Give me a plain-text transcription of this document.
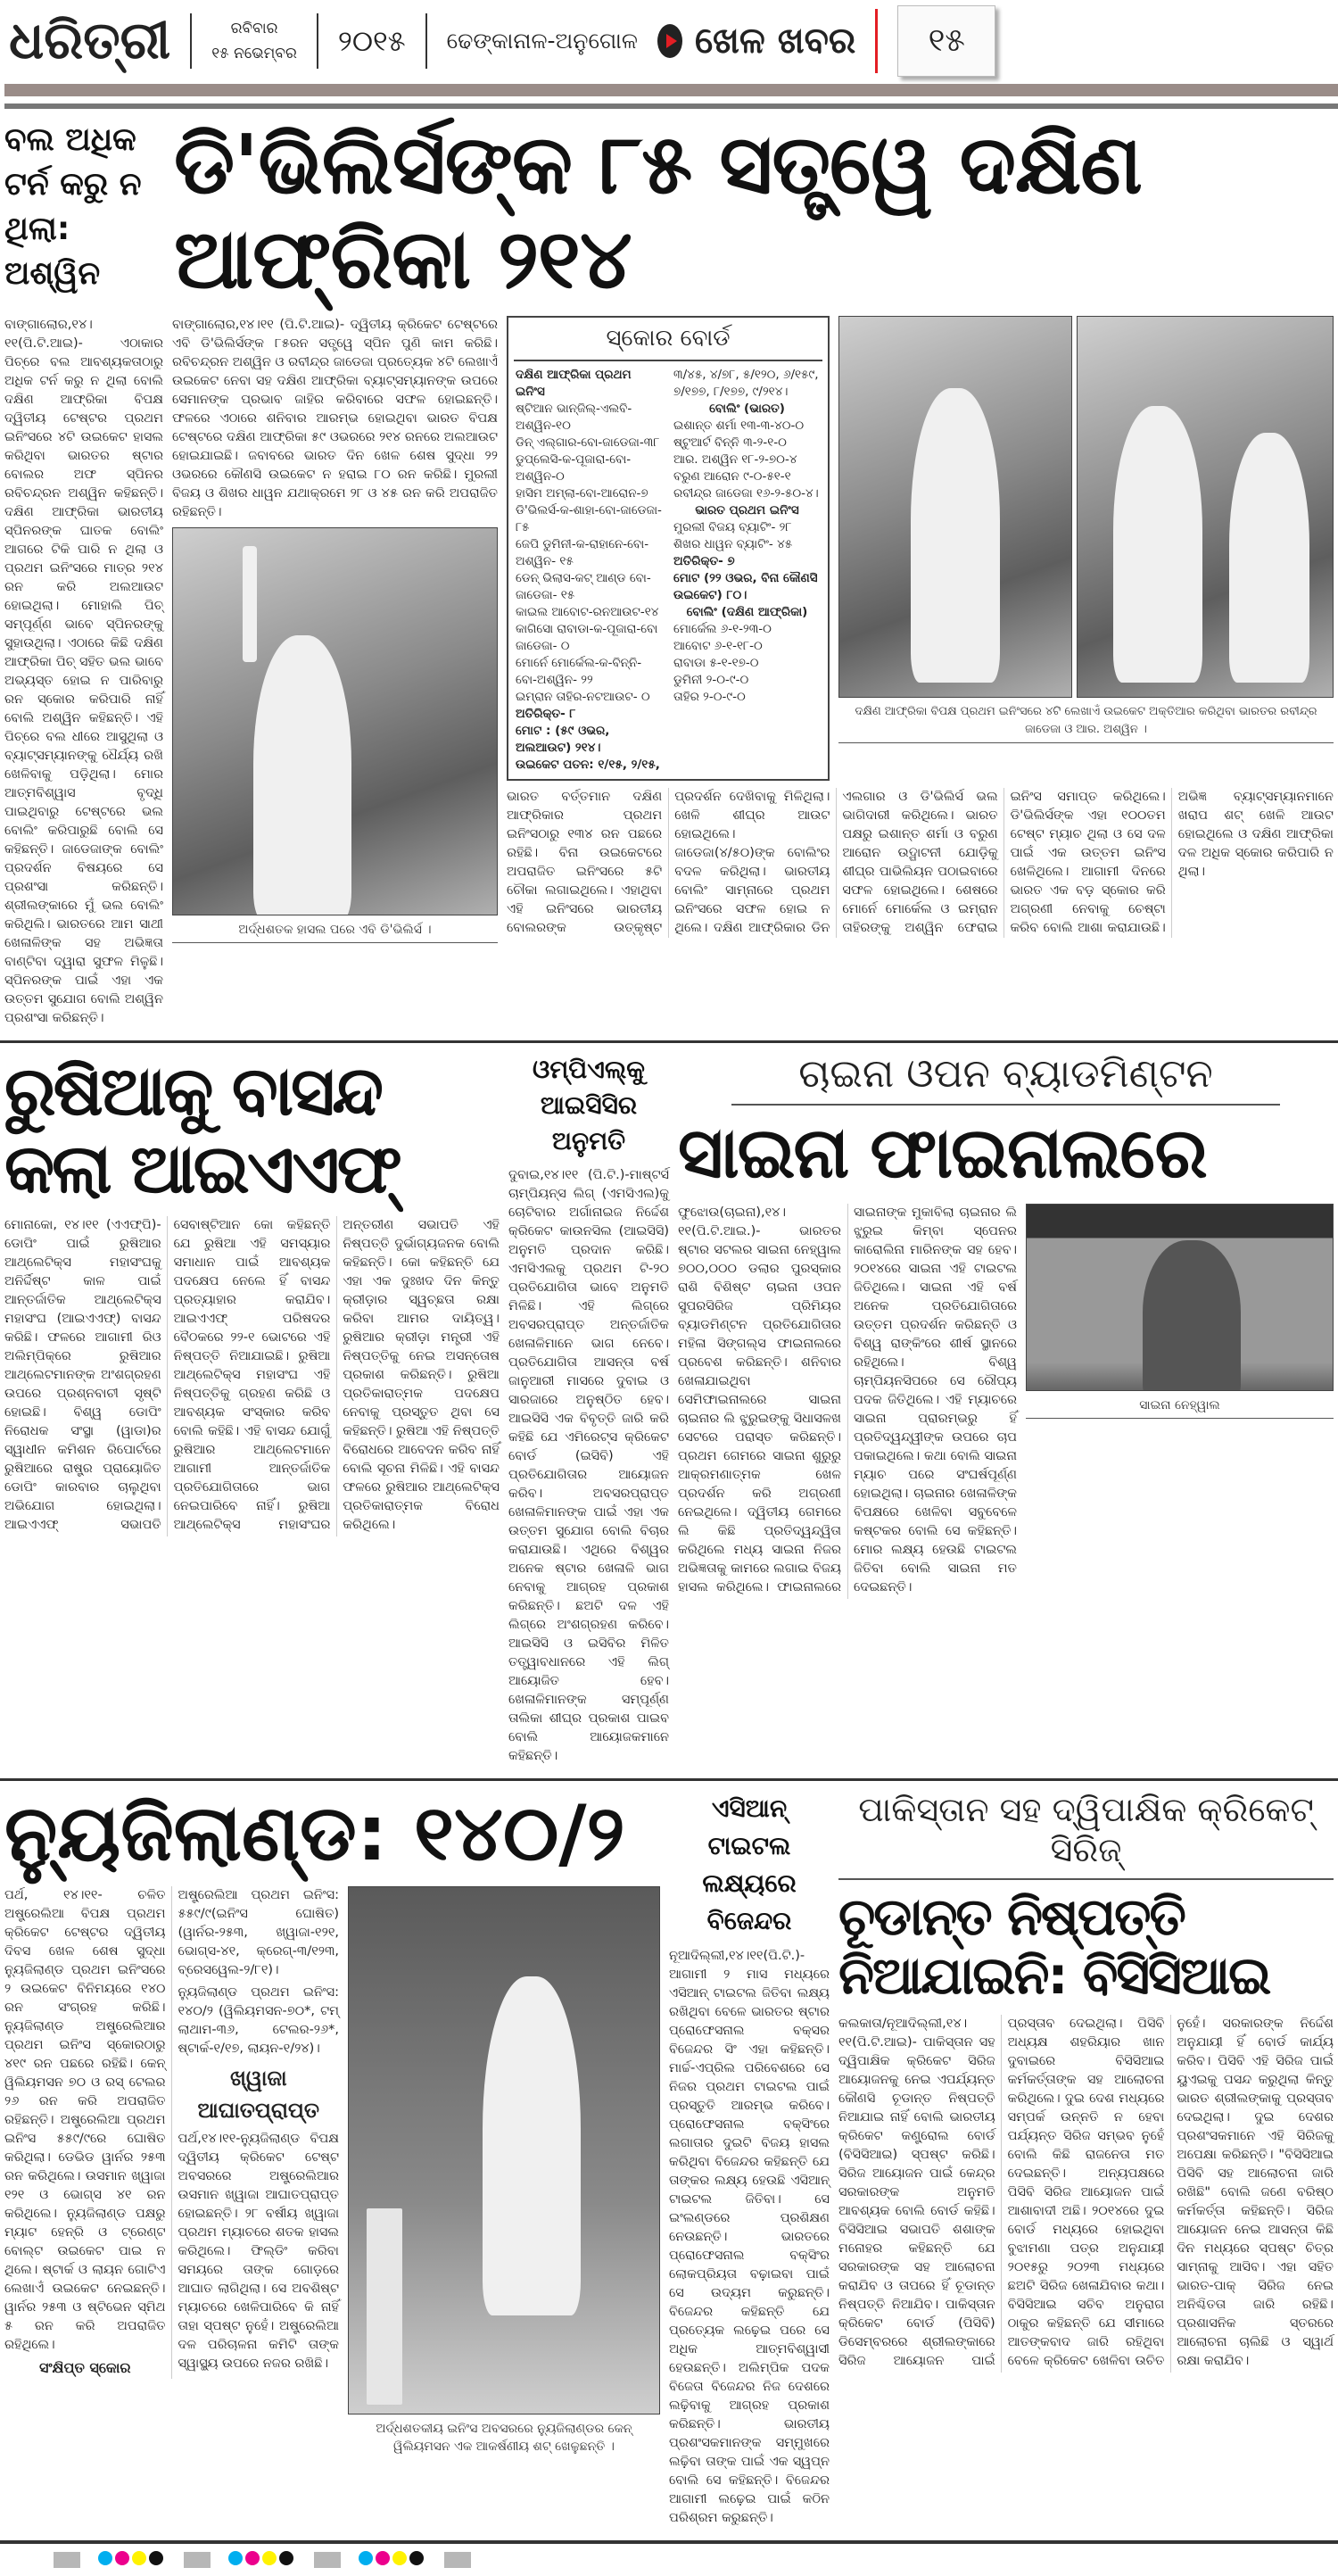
ଧରିତ୍ରୀ	ରବିବାର
୧୫ ନଭେମ୍ବର ୨୦୧୫ ଢେଙ୍କାନାଳ-ଅନୁଗୋଳ ଖେଳ ଖବର	୧୫
ବଲ ଅଧିକ ଟର୍ନ କରୁ ନ ଥିଲା: ଅଶ୍ୱିନ
ଡି'ଭିଲିର୍ସଙ୍କ ୮୫ ସତ୍ତ୍ୱେ ଦକ୍ଷିଣ ଆଫ୍ରିକା ୨୧୪

ବାଙ୍ଗାଲୋର,୧୪।୧୧(ପି.ଟି.ଆଇ)- ଏଠାକାର ପିଚ୍‌ରେ ବଲ ଆବଶ୍ୟକତାଠାରୁ ଅଧିକ ଟର୍ନ କରୁ ନ ଥିଲା ବୋଲି ଦକ୍ଷିଣ ଆଫ୍ରିକା ବିପକ୍ଷ ଦ୍ୱିତୀୟ ଟେଷ୍ଟର ପ୍ରଥମ ଇନିଂସରେ ୪ଟି ଉଇକେଟ ହାସଲ କରିଥିବା ଭାରତର ଷ୍ଟାର ବୋଲର ଅଫ ସ୍ପିନର ରବିଚନ୍ଦ୍ରନ ଅଶ୍ୱିନ କହିଛନ୍ତି। ଦକ୍ଷିଣ ଆଫ୍ରିକା ଭାରତୀୟ ସ୍ପିନରଙ୍କ ଘାତକ ବୋଲିଂ ଆଗରେ ଟିକି ପାରି ନ ଥିଲା ଓ ପ୍ରଥମ ଇନିଂସରେ ମାତ୍ର ୨୧୪ ରନ କରି ଅଲଆଉଟ ହୋଇଥିଲା। ମୋହାଲି ପିଚ୍ ସମ୍ପୂର୍ଣ୍ଣ ଭାବେ ସ୍ପିନରଙ୍କୁ ସୁହାଉଥିଲା। ଏଠାରେ କିଛି ଦକ୍ଷିଣ ଆଫ୍ରିକା ପିଚ୍ ସହିତ ଭଲ ଭାବେ ଅଭ୍ୟସ୍ତ ହୋଇ ନ ପାରିବାରୁ ରନ ସ୍କୋର କରିପାରି ନାହିଁ ବୋଲି ଅଶ୍ୱିନ କହିଛନ୍ତି। ଏହି ପିଚ୍‌ରେ ବଲ ଧୀରେ ଆସୁଥିଲା ଓ ବ୍ୟାଟ୍ସମ୍ୟାନଙ୍କୁ ଧୈର୍ଯ୍ୟ ରଖି ଖେଳିବାକୁ ପଡ଼ିଥିଲା। ମୋର ଆତ୍ମବିଶ୍ୱାସ ବୃଦ୍ଧି ପାଇଥିବାରୁ ଟେଷ୍ଟରେ ଭଲ ବୋଲିଂ କରିପାରୁଛି ବୋଲି ସେ କହିଛନ୍ତି। ଜାଡେଜାଙ୍କ ବୋଲିଂ ପ୍ରଦର୍ଶନ ବିଷୟରେ ସେ ପ୍ରଶଂସା କରିଛନ୍ତି। ଶ୍ରୀଲଙ୍କାରେ ମୁଁ ଭଲ ବୋଲିଂ କରିଥିଲି। ଭାରତରେ ଆମ ସାଥୀ ଖେଳାଳିଙ୍କ ସହ ଅଭିଜ୍ଞତା ବାଣ୍ଟିବା ଦ୍ୱାରା ସୁଫଳ ମିଳୁଛି। ସ୍ପିନରଙ୍କ ପାଇଁ ଏହା ଏକ ଉତ୍ତମ ସୁଯୋଗ ବୋଲି ଅଶ୍ୱିନ ପ୍ରଶଂସା କରିଛନ୍ତି।

ବାଙ୍ଗାଲୋର,୧୪।୧୧ (ପି.ଟି.ଆଇ)- ଦ୍ୱିତୀୟ କ୍ରିକେଟ ଟେଷ୍ଟରେ ଏବି ଡି'ଭିଲିର୍ସଙ୍କ ୮୫ରନ ସତ୍ତ୍ୱେ ସ୍ପିନ ପୁଣି କାମ କରିଛି। ରବିଚନ୍ଦ୍ରନ ଅଶ୍ୱିନ ଓ ରବୀନ୍ଦ୍ର ଜାଡେଜା ପ୍ରତ୍ୟେକ ୪ଟି ଲେଖାଏଁ ଉଇକେଟ ନେବା ସହ ଦକ୍ଷିଣ ଆଫ୍ରିକା ବ୍ୟାଟ୍ସମ୍ୟାନଙ୍କ ଉପରେ ସେମାନଙ୍କ ପ୍ରଭାବ ଜାହିର କରିବାରେ ସଫଳ ହୋଇଛନ୍ତି। ଫଳରେ ଏଠାରେ ଶନିବାର ଆରମ୍ଭ ହୋଇଥିବା ଭାରତ ବିପକ୍ଷ ଟେଷ୍ଟରେ ଦକ୍ଷିଣ ଆଫ୍ରିକା ୫୯ ଓଭରରେ ୨୧୪ ରନରେ ଅଲଆଉଟ ହୋଇଯାଇଛି। ଜବାବରେ ଭାରତ ଦିନ ଖେଳ ଶେଷ ସୁଦ୍ଧା ୨୨ ଓଭରରେ କୌଣସି ଉଇକେଟ ନ ହରାଇ ୮୦ ରନ କରିଛି। ମୁରଲୀ ବିଜୟ ଓ ଶିଖର ଧାୱନ ଯଥାକ୍ରମେ ୨୮ ଓ ୪୫ ରନ କରି ଅପରାଜିତ ରହିଛନ୍ତି।

ଅର୍ଦ୍ଧଶତକ ହାସଲ ପରେ ଏବି ଡି'ଭିଲିର୍ସ ।
ସ୍କୋର ବୋର୍ଡ
ଦକ୍ଷିଣ ଆଫ୍ରିକା ପ୍ରଥମ ଇନିଂସ
ଷ୍ଟିଆନ ଭାନ୍‌ଜିଲ୍-ଏଲବି-ଅଶ୍ୱିନ-୧୦
ଡିନ୍ ଏଲ୍‌ଗାର-ବୋ-ଜାଡେଜା-୩୮
ଡୁପ୍ଲେସି-କ-ପୂଜାରା-ବୋ-ଅଶ୍ୱିନ-୦
ହାସିମ ଅମ୍‌ଲା-ବୋ-ଆରୋନ-୭
ଡି'ଭିଲର୍ସ-କ-ଶାହା-ବୋ-ଜାଡେଜା- ୮୫
ଜେପି ଡୁମିନୀ-କ-ରାହାନେ-ବୋ-ଅଶ୍ୱିନ- ୧୫
ଡେନ୍ ଭିଲାସ-କଟ୍ ଆଣ୍ଡ ବୋ-ଜାଡେଜା- ୧୫
କାଇଲ ଆବୋଟ-ରନଆଉଟ-୧୪
କାଗିସୋ ରାବାଡା-କ-ପୂଜାରା-ବୋ ଜାଡେଜା- ୦
ମୋର୍ନେ ମୋର୍କେଲ-କ-ବିନ୍ନି-ବୋ-ଅଶ୍ୱିନ- ୨୨
ଇମ୍ରାନ ତାହିର-ନଟଆଉଟ- ୦
ଅତିରିକ୍ତ- ୮
ମୋଟ : (୫୯ ଓଭର, ଅଲଆଉଟ) ୨୧୪।
ଉଇକେଟ ପତନ: ୧/୧୫, ୨/୧୫,
୩/୪୫, ୪/୭୮, ୫/୧୨୦, ୬/୧୫୯, ୭/୧୭୭, ୮/୧୭୭, ୯/୨୧୪।
ବୋଲିଂ (ଭାରତ)
ଇଶାନ୍ତ ଶର୍ମା ୧୩-୩-୪୦-୦
ଷ୍ଟୁଆର୍ଟ ବିନ୍ନି ୩-୨-୧-୦
ଆର. ଅଶ୍ୱିନ ୧୮-୨-୭୦-୪
ବରୁଣ ଆରୋନ ୯-୦-୫୧-୧
ରବୀନ୍ଦ୍ର ଜାଡେଜା ୧୬-୨-୫୦-୪।
ଭାରତ ପ୍ରଥମ ଇନିଂସ
ମୁରଲୀ ବିଜୟ ବ୍ୟାଟିଂ- ୨୮
ଶିଖର ଧାୱନ ବ୍ୟାଟିଂ- ୪୫
ଅତିରିକ୍ତ- ୭
ମୋଟ (୨୨ ଓଭର, ବିନା କୌଣସି ଉଇକେଟ) ୮୦।
ବୋଲିଂ (ଦକ୍ଷିଣ ଆଫ୍ରିକା)
ମୋର୍କେଲ ୬-୧-୨୩-୦
ଆବୋଟ ୬-୧-୧୮-୦
ରାବାଡା ୫-୧-୧୭-୦
ଡୁମିନୀ ୨-୦-୯-୦
ତାହିର ୨-୦-୯-୦
ଦକ୍ଷିଣ ଆଫ୍ରିକା ବିପକ୍ଷ ପ୍ରଥମ ଇନିଂସରେ ୪ଟି ଲେଖାଏଁ ଉଇକେଟ ଅକ୍ତିଆର କରିଥିବା ଭାରତର ରବୀନ୍ଦ୍ର ଜାଡେଜା ଓ ଆର. ଅଶ୍ୱିନ ।

ଭାରତ ବର୍ତ୍ତମାନ ଦକ୍ଷିଣ ଆଫ୍ରିକାର ପ୍ରଥମ ଇନିଂସଠାରୁ ୧୩୪ ରନ ପଛରେ ରହିଛି। ବିନା ଉଇକେଟରେ ଅପରାଜିତ ଇନିଂସରେ ୫ଟି ଚୌକା ଲଗାଇଥିଲେ। ଏହାଥିବା ଏହି ଇନିଂସରେ ଭାରତୀୟ ବୋଲରଙ୍କ ଉତ୍କୃଷ୍ଟ ପ୍ରଦର୍ଶନ ଦେଖିବାକୁ ମିଳିଥିଲା। ଖେଳି ଶୀଘ୍ର ଆଉଟ ହୋଇଥିଲେ। ଜାଡେଜା(୪/୫୦)ଙ୍କ ବୋଲିଂର ବଦଳ କରିଥିଲା। ଭାରତୀୟ ବୋଲିଂ ସାମ୍ନାରେ ପ୍ରଥମ ଇନିଂସରେ ସଫଳ ହୋଇ ନ ଥିଲେ। ଦକ୍ଷିଣ ଆଫ୍ରିକାର ଡିନ ଏଲଗାର ଓ ଡି'ଭିଲିର୍ସ ଭଲ ଭାଗିଦାରୀ କରିଥିଲେ। ଭାରତ ପକ୍ଷରୁ ଇଶାନ୍ତ ଶର୍ମା ଓ ବରୁଣ ଆରୋନ ଉଦ୍ଘାଟନୀ ଯୋଡ଼ିକୁ ଶୀଘ୍ର ପାଭିଲିୟନ ପଠାଇବାରେ ସଫଳ ହୋଇଥିଲେ। ଶେଷରେ ମୋର୍ନେ ମୋର୍କେଲ ଓ ଇମ୍ରାନ ତାହିରଙ୍କୁ ଅଶ୍ୱିନ ଫେରାଇ ଇନିଂସ ସମାପ୍ତ କରିଥିଲେ। ଡି'ଭିଲିର୍ସଙ୍କ ଏହା ୧୦୦ତମ ଟେଷ୍ଟ ମ୍ୟାଚ ଥିଲା ଓ ସେ ଦଳ ପାଇଁ ଏକ ଉତ୍ତମ ଇନିଂସ ଖେଳିଥିଲେ। ଆଗାମୀ ଦିନରେ ଭାରତ ଏକ ବଡ଼ ସ୍କୋର କରି ଅଗ୍ରଣୀ ନେବାକୁ ଚେଷ୍ଟା କରିବ ବୋଲି ଆଶା କରାଯାଉଛି। ଅଭିଜ୍ଞ ବ୍ୟାଟ୍ସମ୍ୟାନମାନେ ଖରାପ ଶଟ୍ ଖେଳି ଆଉଟ ହୋଇଥିଲେ ଓ ଦକ୍ଷିଣ ଆଫ୍ରିକା ଦଳ ଅଧିକ ସ୍କୋର କରିପାରି ନ ଥିଲା।

ରୁଷିଆକୁ ବାସନ୍ଦ କଲା ଆଇଏଏଫ୍

ମୋନାକୋ, ୧୪।୧୧ (ଏଏଫ୍‌ପି)- ଡୋପିଂ ପାଇଁ ରୁଷିଆର ଆଥ୍‌ଲେଟିକ୍ସ ମହାସଂଘକୁ ଅନିର୍ଦ୍ଦିଷ୍ଟ କାଳ ପାଇଁ ଆନ୍ତର୍ଜାତିକ ଆଥ୍‌ଲେଟିକ୍ସ ମହାସଂଘ (ଆଇଏଏଫ୍) ବାସନ୍ଦ କରିଛି। ଫଳରେ ଆଗାମୀ ରିଓ ଅଲିମ୍ପିକ୍‌ରେ ରୁଷିଆର ଆଥ୍‌ଲେଟମାନଙ୍କ ଅଂଶଗ୍ରହଣ ଉପରେ ପ୍ରଶ୍ନବାଚୀ ସୃଷ୍ଟି ହୋଇଛି। ବିଶ୍ୱ ଡୋପିଂ ନିରୋଧକ ସଂସ୍ଥା (ୱାଡା)ର ସ୍ୱାଧୀନ କମିଶନ ରିପୋର୍ଟରେ ରୁଷିଆରେ ରାଷ୍ଟ୍ର ପ୍ରାୟୋଜିତ ଡୋପିଂ କାରବାର ଚାଲୁଥିବା ଅଭିଯୋଗ ହୋଇଥିଲା। ଆଇଏଏଫ୍ ସଭାପତି ସେବାଷ୍ଟିଆନ କୋ କହିଛନ୍ତି ଯେ ରୁଷିଆ ଏହି ସମସ୍ୟାର ସମାଧାନ ପାଇଁ ଆବଶ୍ୟକ ପଦକ୍ଷେପ ନେଲେ ହିଁ ବାସନ୍ଦ ପ୍ରତ୍ୟାହାର କରାଯିବ। ଆଇଏଏଫ୍ ପରିଷଦର ବୈଠକରେ ୨୨-୧ ଭୋଟରେ ଏହି ନିଷ୍ପତ୍ତି ନିଆଯାଇଛି। ରୁଷିଆ ଆଥ୍‌ଲେଟିକ୍ସ ମହାସଂଘ ଏହି ନିଷ୍ପତ୍ତିକୁ ଗ୍ରହଣ କରିଛି ଓ ଆବଶ୍ୟକ ସଂସ୍କାର କରିବ ବୋଲି କହିଛି। ଏହି ବାସନ୍ଦ ଯୋଗୁଁ ରୁଷିଆର ଆଥ୍‌ଲେଟମାନେ ଆଗାମୀ ଆନ୍ତର୍ଜାତିକ ପ୍ରତିଯୋଗିତାରେ ଭାଗ ନେଇପାରିବେ ନାହିଁ। ରୁଷିଆ ଆଥ୍‌ଲେଟିକ୍ସ ମହାସଂଘର ଅନ୍ତରୀଣ ସଭାପତି ଏହି ନିଷ୍ପତ୍ତି ଦୁର୍ଭାଗ୍ୟଜନକ ବୋଲି କହିଛନ୍ତି। କୋ କହିଛନ୍ତି ଯେ ଏହା ଏକ ଦୁଃଖଦ ଦିନ କିନ୍ତୁ କ୍ରୀଡ଼ାର ସ୍ୱଚ୍ଛତା ରକ୍ଷା କରିବା ଆମର ଦାୟିତ୍ୱ। ରୁଷିଆର କ୍ରୀଡ଼ା ମନ୍ତ୍ରୀ ଏହି ନିଷ୍ପତ୍ତିକୁ ନେଇ ଅସନ୍ତୋଷ ପ୍ରକାଶ କରିଛନ୍ତି। ରୁଷିଆ ପ୍ରତିକାରାତ୍ମକ ପଦକ୍ଷେପ ନେବାକୁ ପ୍ରସ୍ତୁତ ଥିବା ସେ କହିଛନ୍ତି। ରୁଷିଆ ଏହି ନିଷ୍ପତ୍ତି ବିରୋଧରେ ଆବେଦନ କରିବ ନାହିଁ ବୋଲି ସୂଚନା ମିଳିଛି। ଏହି ବାସନ୍ଦ ଫଳରେ ରୁଷିଆର ଆଥ୍‌ଲେଟିକ୍ସ ପ୍ରତିକାରାତ୍ମକ ବିରୋଧ କରିଥିଲେ।

ଓମ୍ପିଏଲ୍‌କୁ ଆଇସିସିର ଅନୁମତି

ଦୁବାଇ,୧୪।୧୧ (ପି.ଟି.)-ମାଷ୍ଟର୍ସ ଚାମ୍ପିୟନ୍ସ ଲିଗ୍ (ଏମସିଏଲ)କୁ ଚୋଟିବାର ଅର୍ଗାନାଇଜ ନିର୍ଦ୍ଦେଶ କ୍ରିକେଟ କାଉନସିଲ (ଆଇସିସି) ଅନୁମତି ପ୍ରଦାନ କରିଛି। ଏମସିଏଲକୁ ପ୍ରଥମ ଟି-୨୦ ପ୍ରତିଯୋଗିତା ଭାବେ ଅନୁମତି ମିଳିଛି। ଏହି ଲିଗ୍‌ରେ ଅବସରପ୍ରାପ୍ତ ଅନ୍ତର୍ଜାତିକ ଖେଳାଳିମାନେ ଭାଗ ନେବେ। ପ୍ରତିଯୋଗିତା ଆସନ୍ତା ବର୍ଷ ଜାନୁଆରୀ ମାସରେ ଦୁବାଇ ଓ ସାରଜାରେ ଅନୁଷ୍ଠିତ ହେବ। ଆଇସିସି ଏକ ବିବୃତ୍ତି ଜାରି କରି କହିଛି ଯେ ଏମିରେଟ୍ସ କ୍ରିକେଟ ବୋର୍ଡ (ଇସିବି) ଏହି ପ୍ରତିଯୋଗିତାର ଆୟୋଜନ କରିବ। ଅବସରପ୍ରାପ୍ତ ଖେଳାଳିମାନଙ୍କ ପାଇଁ ଏହା ଏକ ଉତ୍ତମ ସୁଯୋଗ ବୋଲି ବିଚାର କରାଯାଉଛି। ଏଥିରେ ବିଶ୍ୱର ଅନେକ ଷ୍ଟାର ଖେଳାଳି ଭାଗ ନେବାକୁ ଆଗ୍ରହ ପ୍ରକାଶ କରିଛନ୍ତି। ଛଅଟି ଦଳ ଏହି ଲିଗ୍‌ରେ ଅଂଶଗ୍ରହଣ କରିବେ। ଆଇସିସି ଓ ଇସିବିର ମିଳିତ ତତ୍ତ୍ୱାବଧାନରେ ଏହି ଲିଗ୍ ଆୟୋଜିତ ହେବ। ଖେଳାଳିମାନଙ୍କ ସମ୍ପୂର୍ଣ୍ଣ ତାଲିକା ଶୀଘ୍ର ପ୍ରକାଶ ପାଇବ ବୋଲି ଆୟୋଜକମାନେ କହିଛନ୍ତି।

ଚାଇନା ଓପନ ବ୍ୟାଡମିଣ୍ଟନ
ସାଇନା ଫାଇନାଲରେ

ଫୁଝୋଉ(ଚାଇନା),୧୪।୧୧(ପି.ଟି.ଆଇ.)- ଭାରତର ଷ୍ଟାର ସଟଲର ସାଇନା ନେହ୍ୱାଲ ୭୦୦,୦୦୦ ଡଲାର ପୁରସ୍କାର ରାଶି ବିଶିଷ୍ଟ ଚାଇନା ଓପନ ସୁପରସିରିଜ ପ୍ରିମିୟର ବ୍ୟାଡମିଣ୍ଟନ ପ୍ରତିଯୋଗିତାର ମହିଳା ସିଙ୍ଗଲ୍ସ ଫାଇନାଲରେ ପ୍ରବେଶ କରିଛନ୍ତି। ଶନିବାର ଖେଳାଯାଇଥିବା ସେମିଫାଇନାଲରେ ସାଇନା ଚାଇନାର ଲି ଝୁରୁଇଙ୍କୁ ସିଧାସଳଖ ସେଟରେ ପରାସ୍ତ କରିଛନ୍ତି। ପ୍ରଥମ ଗେମରେ ସାଇନା ଶୁରୁରୁ ଆକ୍ରମଣାତ୍ମକ ଖେଳ ପ୍ରଦର୍ଶନ କରି ଅଗ୍ରଣୀ ନେଇଥିଲେ। ଦ୍ୱିତୀୟ ଗେମରେ ଲି କିଛି ପ୍ରତିଦ୍ୱନ୍ଦ୍ୱିତା କରିଥିଲେ ମଧ୍ୟ ସାଇନା ନିଜର ଅଭିଜ୍ଞତାକୁ କାମରେ ଲଗାଇ ବିଜୟ ହାସଲ କରିଥିଲେ। ଫାଇନାଲରେ ସାଇନାଙ୍କ ମୁକାବିଲା ଚାଇନାର ଲି ଝୁରୁଇ କିମ୍ବା ସ୍ପେନର କାରୋଲିନା ମାରିନଙ୍କ ସହ ହେବ। ୨୦୧୪ରେ ସାଇନା ଏହି ଟାଇଟଲ ଜିତିଥିଲେ। ସାଇନା ଏହି ବର୍ଷ ଅନେକ ପ୍ରତିଯୋଗିତାରେ ଉତ୍ତମ ପ୍ରଦର୍ଶନ କରିଛନ୍ତି ଓ ବିଶ୍ୱ ରାଙ୍କିଂରେ ଶୀର୍ଷ ସ୍ଥାନରେ ରହିଥିଲେ। ବିଶ୍ୱ ଚାମ୍ପିୟନସିପରେ ସେ ରୌପ୍ୟ ପଦକ ଜିତିଥିଲେ। ଏହି ମ୍ୟାଚରେ ସାଇନା ପ୍ରାରମ୍ଭରୁ ହିଁ ପ୍ରତିଦ୍ୱନ୍ଦ୍ୱୀଙ୍କ ଉପରେ ଚାପ ପକାଇଥିଲେ। କଥା ବୋଲି ସାଇନା ମ୍ୟାଚ ପରେ ସଂଘର୍ଷପୂର୍ଣ୍ଣ ହୋଇଥିଲା। ଚାଇନାର ଖେଳାଳିଙ୍କ ବିପକ୍ଷରେ ଖେଳିବା ସବୁବେଳେ କଷ୍ଟକର ବୋଲି ସେ କହିଛନ୍ତି। ମୋର ଲକ୍ଷ୍ୟ ହେଉଛି ଟାଇଟଲ ଜିତିବା ବୋଲି ସାଇନା ମତ ଦେଇଛନ୍ତି।

ସାଇନା ନେହ୍ୱାଲ
ନ୍ୟୁଜିଲାଣ୍ଡ: ୧୪୦/୨

ପର୍ଥ, ୧୪।୧୧- ଚଳିତ ଅଷ୍ଟ୍ରେଲିଆ ବିପକ୍ଷ ପ୍ରଥମ କ୍ରିକେଟ ଟେଷ୍ଟର ଦ୍ୱିତୀୟ ଦିବସ ଖେଳ ଶେଷ ସୁଦ୍ଧା ନ୍ୟୁଜିଲାଣ୍ଡ ପ୍ରଥମ ଇନିଂସରେ ୨ ଉଇକେଟ ବିନିମୟରେ ୧୪୦ ରନ ସଂଗ୍ରହ କରିଛି। ନ୍ୟୁଜିଲାଣ୍ଡ ଅଷ୍ଟ୍ରେଲିଆର ପ୍ରଥମ ଇନିଂସ ସ୍କୋରଠାରୁ ୪୧୯ ରନ ପଛରେ ରହିଛି। କେନ୍ ୱିଲିୟମସନ ୭୦ ଓ ରସ୍ ଟେଲର ୨୬ ରନ କରି ଅପରାଜିତ ରହିଛନ୍ତି। ଅଷ୍ଟ୍ରେଲିଆ ପ୍ରଥମ ଇନିଂସ ୫୫୯/୯ରେ ଘୋଷିତ କରିଥିଲା। ଡେଭିଡ ୱାର୍ନର ୨୫୩ ରନ କରିଥିଲେ। ଉସମାନ ଖ୍ୱାଜା ୧୨୧ ଓ ଭୋଗ୍ସ ୪୧ ରନ କରିଥିଲେ। ନ୍ୟୁଜିଲାଣ୍ଡ ପକ୍ଷରୁ ମ୍ୟାଟ ହେନ୍ରି ଓ ଟ୍ରେଣ୍ଟ ବୋଲ୍ଟ ଉଇକେଟ ପାଇ ନ ଥିଲେ। ଷ୍ଟାର୍କ ଓ ଲାୟନ ଗୋଟିଏ ଲେଖାଏଁ ଉଇକେଟ ନେଇଛନ୍ତି। ୱାର୍ନର ୨୫୩ ଓ ଷ୍ଟିଭେନ ସ୍ମିଥ ୫ ରନ କରି ଅପରାଜିତ ରହିଥିଲେ।

ସଂକ୍ଷିପ୍ତ ସ୍କୋର

ଅଷ୍ଟ୍ରେଲିଆ ପ୍ରଥମ ଇନିଂସ: ୫୫୯/୯(ଇନିଂସ ଘୋଷିତ) (ୱାର୍ନର-୨୫୩, ଖ୍ୱାଜା-୧୨୧, ଭୋଗ୍ସ-୪୧, କ୍ରେଗ୍-୩/୧୨୩, ବ୍ରେସୱେଲ-୨/୮୧)।

ନ୍ୟୁଜିଲାଣ୍ଡ ପ୍ରଥମ ଇନିଂସ: ୧୪୦/୨ (ୱିଲିୟମସନ-୭୦*, ଟମ୍ ଲାଥାମ-୩୬, ଟେଲର-୨୬*, ଷ୍ଟାର୍କ-୧/୧୭, ଲାୟନ-୧/୨୪)।

ଖ୍ୱାଜା ଆଘାତପ୍ରାପ୍ତ

ପର୍ଥ,୧୪।୧୧-ନ୍ୟୁଜିଲାଣ୍ଡ ବିପକ୍ଷ ଦ୍ୱିତୀୟ କ୍ରିକେଟ ଟେଷ୍ଟ ଅବସରରେ ଅଷ୍ଟ୍ରେଲିଆର ଉସମାନ ଖ୍ୱାଜା ଆଘାତପ୍ରାପ୍ତ ହୋଇଛନ୍ତି। ୨୮ ବର୍ଷୀୟ ଖ୍ୱାଜା ପ୍ରଥମ ମ୍ୟାଚରେ ଶତକ ହାସଲ କରିଥିଲେ। ଫିଲ୍ଡିଂ କରିବା ସମୟରେ ତାଙ୍କ ଗୋଡ଼ରେ ଆଘାତ ଲାଗିଥିଲା। ସେ ଅବଶିଷ୍ଟ ମ୍ୟାଚରେ ଖେଳିପାରିବେ କି ନାହିଁ ତାହା ସ୍ପଷ୍ଟ ନୁହେଁ। ଅଷ୍ଟ୍ରେଲିଆ ଦଳ ପରିଚାଳନା କମିଟି ତାଙ୍କ ସ୍ୱାସ୍ଥ୍ୟ ଉପରେ ନଜର ରଖିଛି।

ଅର୍ଦ୍ଧଶତକୀୟ ଇନିଂସ ଅବସରରେ ନ୍ୟୁଜିଲାଣ୍ଡର କେନ୍ ୱିଲିୟମସନ ଏକ ଆକର୍ଷଣୀୟ ଶଟ୍ ଖେଳୁଛନ୍ତି ।
ଏସିଆନ୍ ଟାଇଟଲ ଲକ୍ଷ୍ୟରେ ବିଜେନ୍ଦର

ନୂଆଦିଲ୍ଲୀ,୧୪।୧୧(ପି.ଟି.)- ଆଗାମୀ ୨ ମାସ ମଧ୍ୟରେ ଏସିଆନ୍ ଟାଇଟଲ ଜିତିବା ଲକ୍ଷ୍ୟ ରଖିଥିବା ବେଳେ ଭାରତର ଷ୍ଟାର ପ୍ରୋଫେସନାଲ ବକ୍ସର ବିଜେନ୍ଦର ସିଂ ଏହା କହିଛନ୍ତି। ମାର୍ଚ୍ଚ-ଏପ୍ରିଲ ପରିବେଶରେ ସେ ନିଜର ପ୍ରଥମ ଟାଇଟଲ ପାଇଁ ପ୍ରସ୍ତୁତି ଆରମ୍ଭ କରିବେ। ପ୍ରୋଫେସନାଲ ବକ୍ସିଂରେ ଲଗାତାର ଦୁଇଟି ବିଜୟ ହାସଲ କରିଥିବା ବିଜେନ୍ଦର କହିଛନ୍ତି ଯେ ତାଙ୍କର ଲକ୍ଷ୍ୟ ହେଉଛି ଏସିଆନ୍ ଟାଇଟଲ ଜିତିବା। ସେ ଇଂଲଣ୍ଡରେ ପ୍ରଶିକ୍ଷଣ ନେଉଛନ୍ତି। ଭାରତରେ ପ୍ରୋଫେସନାଲ ବକ୍ସିଂର ଲୋକପ୍ରିୟତା ବଢ଼ାଇବା ପାଇଁ ସେ ଉଦ୍ୟମ କରୁଛନ୍ତି। ବିଜେନ୍ଦର କହିଛନ୍ତି ଯେ ପ୍ରତ୍ୟେକ ଲଢ଼େଇ ପରେ ସେ ଅଧିକ ଆତ୍ମବିଶ୍ୱାସୀ ହେଉଛନ୍ତି। ଅଲିମ୍ପିକ ପଦକ ବିଜେତା ବିଜେନ୍ଦର ନିଜ ଦେଶରେ ଲଢ଼ିବାକୁ ଆଗ୍ରହ ପ୍ରକାଶ କରିଛନ୍ତି। ଭାରତୀୟ ପ୍ରଶଂସକମାନଙ୍କ ସମ୍ମୁଖରେ ଲଢ଼ିବା ତାଙ୍କ ପାଇଁ ଏକ ସ୍ୱପ୍ନ ବୋଲି ସେ କହିଛନ୍ତି। ବିଜେନ୍ଦର ଆଗାମୀ ଲଢ଼େଇ ପାଇଁ କଠିନ ପରିଶ୍ରମ କରୁଛନ୍ତି।

ପାକିସ୍ତାନ ସହ ଦ୍ୱିପାକ୍ଷିକ କ୍ରିକେଟ୍ ସିରିଜ୍
ଚୂଡାନ୍ତ ନିଷ୍ପତ୍ତି ନିଆଯାଇନି: ବିସିସିଆଇ

କଲକାତା/ନୂଆଦିଲ୍ଲୀ,୧୪।୧୧(ପି.ଟି.ଆଇ)- ପାକିସ୍ତାନ ସହ ଦ୍ୱିପାକ୍ଷିକ କ୍ରିକେଟ ସିରିଜ ଆୟୋଜନକୁ ନେଇ ଏପର୍ଯ୍ୟନ୍ତ କୌଣସି ଚୂଡାନ୍ତ ନିଷ୍ପତ୍ତି ନିଆଯାଇ ନାହିଁ ବୋଲି ଭାରତୀୟ କ୍ରିକେଟ କଣ୍ଟ୍ରୋଲ ବୋର୍ଡ (ବିସିସିଆଇ) ସ୍ପଷ୍ଟ କରିଛି। ସିରିଜ ଆୟୋଜନ ପାଇଁ କେନ୍ଦ୍ର ସରକାରଙ୍କ ଅନୁମତି ଆବଶ୍ୟକ ବୋଲି ବୋର୍ଡ କହିଛି। ବିସିସିଆଇ ସଭାପତି ଶଶାଙ୍କ ମନୋହର କହିଛନ୍ତି ଯେ ସରକାରଙ୍କ ସହ ଆଲୋଚନା କରାଯିବ ଓ ତାପରେ ହିଁ ଚୂଡାନ୍ତ ନିଷ୍ପତ୍ତି ନିଆଯିବ। ପାକିସ୍ତାନ କ୍ରିକେଟ ବୋର୍ଡ (ପିସିବି) ଡିସେମ୍ବରରେ ଶ୍ରୀଲଙ୍କାରେ ସିରିଜ ଆୟୋଜନ ପାଇଁ ପ୍ରସ୍ତାବ ଦେଇଥିଲା। ପିସିବି ଅଧ୍ୟକ୍ଷ ଶହରିୟାର ଖାନ ଦୁବାଇରେ ବିସିସିଆଇ କର୍ମକର୍ତ୍ତାଙ୍କ ସହ ଆଲୋଚନା କରିଥିଲେ। ଦୁଇ ଦେଶ ମଧ୍ୟରେ ସମ୍ପର୍କ ଉନ୍ନତି ନ ହେବା ପର୍ଯ୍ୟନ୍ତ ସିରିଜ ସମ୍ଭବ ନୁହେଁ ବୋଲି କିଛି ରାଜନେତା ମତ ଦେଇଛନ୍ତି। ଅନ୍ୟପକ୍ଷରେ ପିସିବି ସିରିଜ ଆୟୋଜନ ପାଇଁ ଆଶାବାଦୀ ଅଛି। ୨୦୧୪ରେ ଦୁଇ ବୋର୍ଡ ମଧ୍ୟରେ ହୋଇଥିବା ବୁଝାମଣା ପତ୍ର ଅନୁଯାୟୀ ୨୦୧୫ରୁ ୨୦୨୩ ମଧ୍ୟରେ ଛଅଟି ସିରିଜ ଖେଳାଯିବାର କଥା। ବିସିସିଆଇ ସଚିବ ଅନୁରାଗ ଠାକୁର କହିଛନ୍ତି ଯେ ସୀମାରେ ଆତଙ୍କବାଦ ଜାରି ରହିଥିବା ବେଳେ କ୍ରିକେଟ ଖେଳିବା ଉଚିତ ନୁହେଁ। ସରକାରଙ୍କ ନିର୍ଦ୍ଦେଶ ଅନୁଯାୟୀ ହିଁ ବୋର୍ଡ କାର୍ଯ୍ୟ କରିବ। ପିସିବି ଏହି ସିରିଜ ପାଇଁ ୟୁଏଇକୁ ପସନ୍ଦ କରୁଥିଲା କିନ୍ତୁ ଭାରତ ଶ୍ରୀଲଙ୍କାକୁ ପ୍ରସ୍ତାବ ଦେଇଥିଲା। ଦୁଇ ଦେଶର ପ୍ରଶଂସକମାନେ ଏହି ସିରିଜକୁ ଅପେକ୍ଷା କରିଛନ୍ତି। "ବିସିସିଆଇ ପିସିବି ସହ ଆଲୋଚନା ଜାରି ରଖିଛି" ବୋଲି ଜଣେ ବରିଷ୍ଠ କର୍ମକର୍ତ୍ତା କହିଛନ୍ତି। ସିରିଜ ଆୟୋଜନ ନେଇ ଆସନ୍ତା କିଛି ଦିନ ମଧ୍ୟରେ ସ୍ପଷ୍ଟ ଚିତ୍ର ସାମ୍ନାକୁ ଆସିବ। ଏହା ସହିତ ଭାରତ-ପାକ୍ ସିରିଜ ନେଇ ଅନିଶ୍ଚିତତା ଜାରି ରହିଛି। ପ୍ରଶାସନିକ ସ୍ତରରେ ଆଲୋଚନା ଚାଲିଛି ଓ ସ୍ୱାର୍ଥ ରକ୍ଷା କରାଯିବ।
